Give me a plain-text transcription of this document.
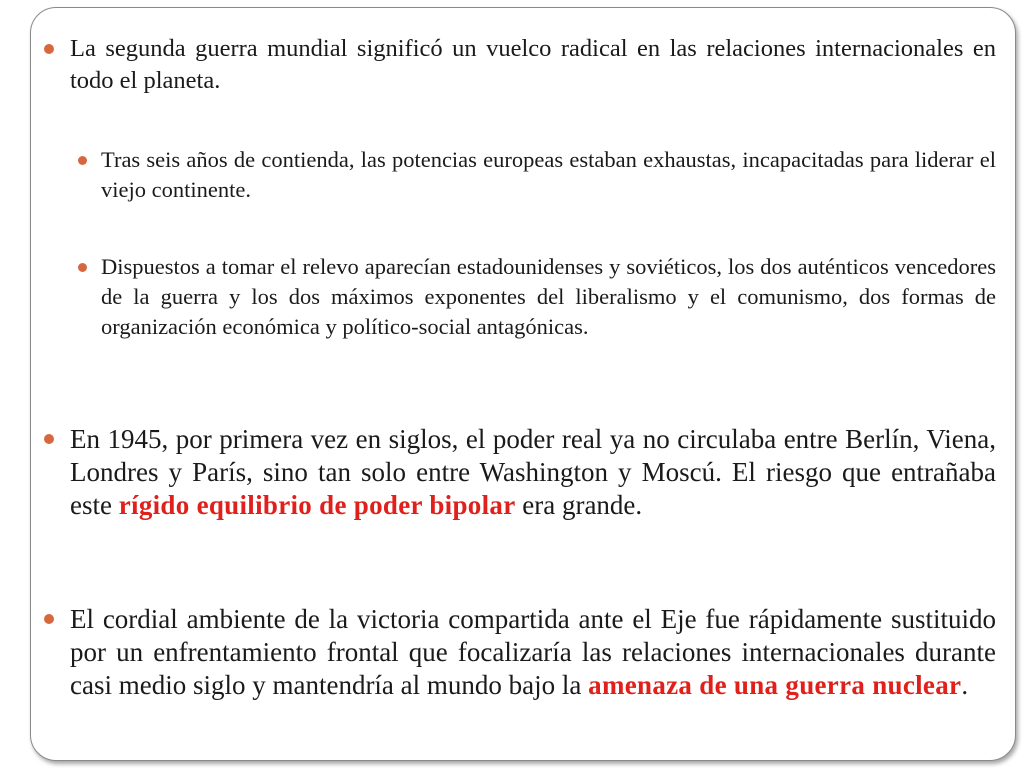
La segunda guerra mundial significó un vuelco radical en las relaciones internacionales en todo el planeta.
Tras seis años de contienda, las potencias europeas estaban exhaustas, incapacitadas para liderar el viejo continente.
Dispuestos a tomar el relevo aparecían estadounidenses y soviéticos, los dos auténticos vencedores de la guerra y los dos máximos exponentes del liberalismo y el comunismo, dos formas de organización económica y político-social antagónicas.
En 1945, por primera vez en siglos, el poder real ya no circulaba entre Berlín, Viena, Londres y París, sino tan solo entre Washington y Moscú. El riesgo que entrañaba este rígido equilibrio de poder bipolar era grande.
El cordial ambiente de la victoria compartida ante el Eje fue rápidamente sustituido por un enfrentamiento frontal que focalizaría las relaciones internacionales durante casi medio siglo y mantendría al mundo bajo la amenaza de una guerra nuclear.
